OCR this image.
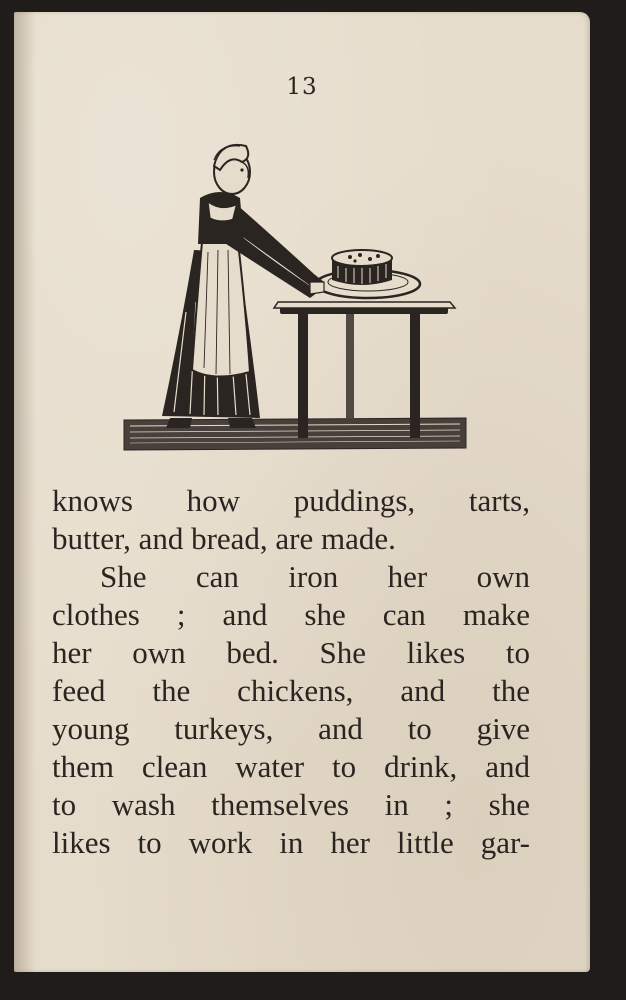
13
knows how puddings, tarts,
butter, and bread, are made.
She can iron her own
clothes ; and she can make
her own bed. She likes to
feed the chickens, and the
young turkeys, and to give
them clean water to drink, and
to wash themselves in ; she
likes to work in her little gar-
